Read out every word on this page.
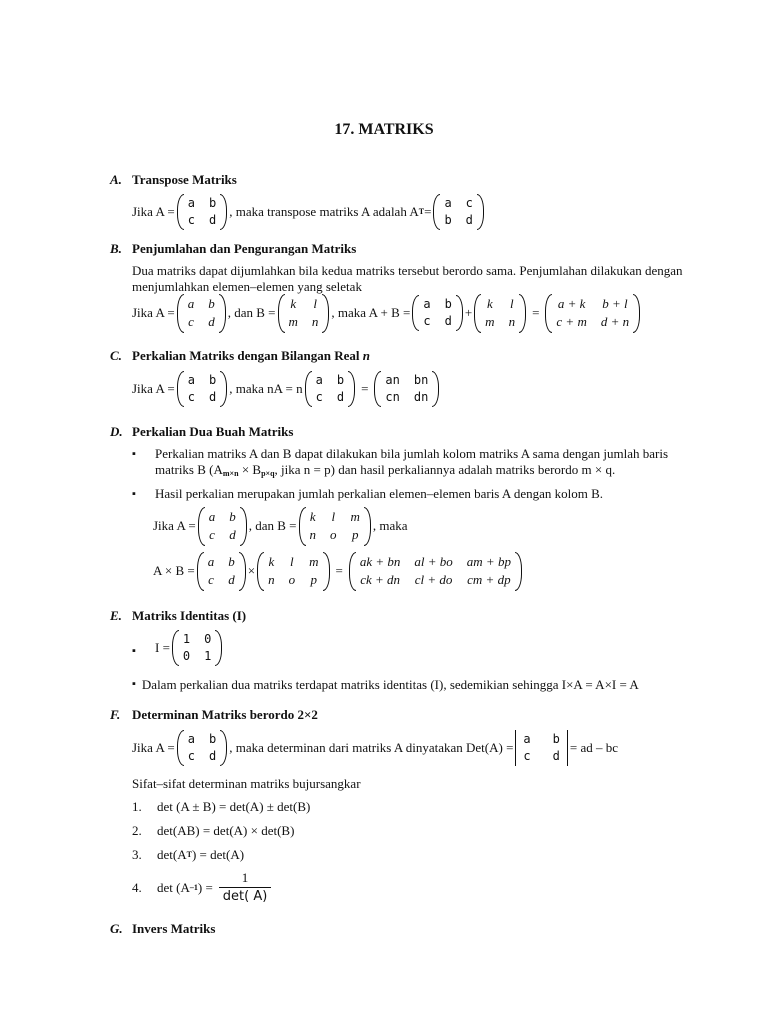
17. MATRIKS
A. Transpose Matriks
Jika A =
a b
c d
, maka transpose matriks A adalah A T =
a c
b d
B. Penjumlahan dan Pengurangan Matriks
Dua matriks dapat dijumlahkan bila kedua matriks tersebut berordo sama. Penjumlahan dilakukan dengan menjumlahkan elemen–elemen yang seletak
Jika A =
a b
c d
, dan B =
k l
m n
, maka A + B =
a b
c d
+
k l
m n
=
a + k b + l
c + m d + n
C. Perkalian Matriks dengan Bilangan Real n
Jika A =
a b
c d
, maka nA = n
a b
c d
=
an bn
cn dn
D. Perkalian Dua Buah Matriks
▪ Perkalian matriks A dan B dapat dilakukan bila jumlah kolom matriks A sama dengan jumlah baris matriks B ($A_{m\times n} \times B_{p\times q}$, jika n = p) dan hasil perkaliannya adalah matriks berordo m × q.
▪ Hasil perkalian merupakan jumlah perkalian elemen–elemen baris A dengan kolom B.
Jika A =
a b
c d
, dan B =
k l m
n o p
, maka
A × B =
a b
c d
×
k l m
n o p
=
ak + bn al + bo am + bp
ck + dn cl + do cm + dp
E. Matriks Identitas (I)
▪ I =
1 0
0 1
▪ Dalam perkalian dua matriks terdapat matriks identitas (I), sedemikian sehingga I×A = A×I = A
F. Determinan Matriks berordo 2×2
Jika A =
a b
c d
, maka determinan dari matriks A dinyatakan Det(A) =
a b
c d
= ad – bc
Sifat–sifat determinan matriks bujursangkar
1.	det (A ± B) = det(A) ± det(B)
2.	det(AB) = det(A) × det(B)
3.	det(A T ) = det(A)
4.	det (A –1 ) = $\frac{1}{\det( A)}$
G. Invers Matriks
